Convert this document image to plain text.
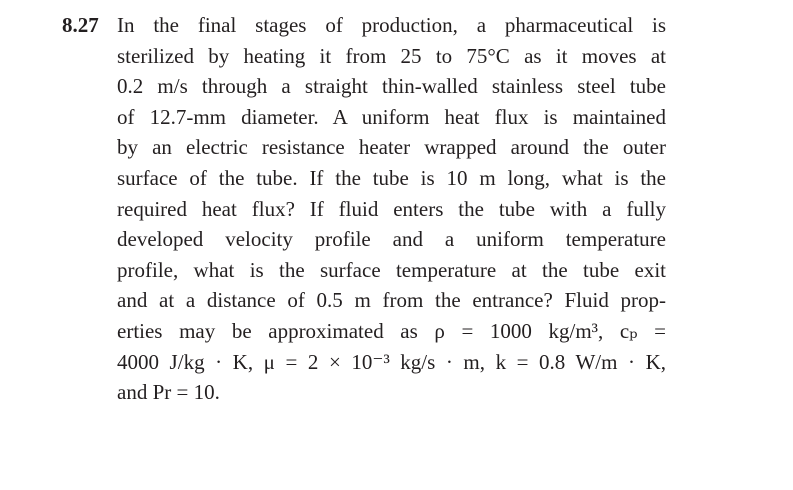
8.27 In the final stages of production, a pharmaceutical is
sterilized by heating it from 25 to 75°C as it moves at
0.2 m/s through a straight thin-walled stainless steel tube
of 12.7-mm diameter. A uniform heat flux is maintained
by an electric resistance heater wrapped around the outer
surface of the tube. If the tube is 10 m long, what is the
required heat flux? If fluid enters the tube with a fully
developed velocity profile and a uniform temperature
profile, what is the surface temperature at the tube exit
and at a distance of 0.5 m from the entrance? Fluid prop-
erties may be approximated as ρ = 1000 kg/m³, cₚ =
4000 J/kg · K, μ = 2 × 10⁻³ kg/s · m, k = 0.8 W/m · K,
and Pr = 10.
